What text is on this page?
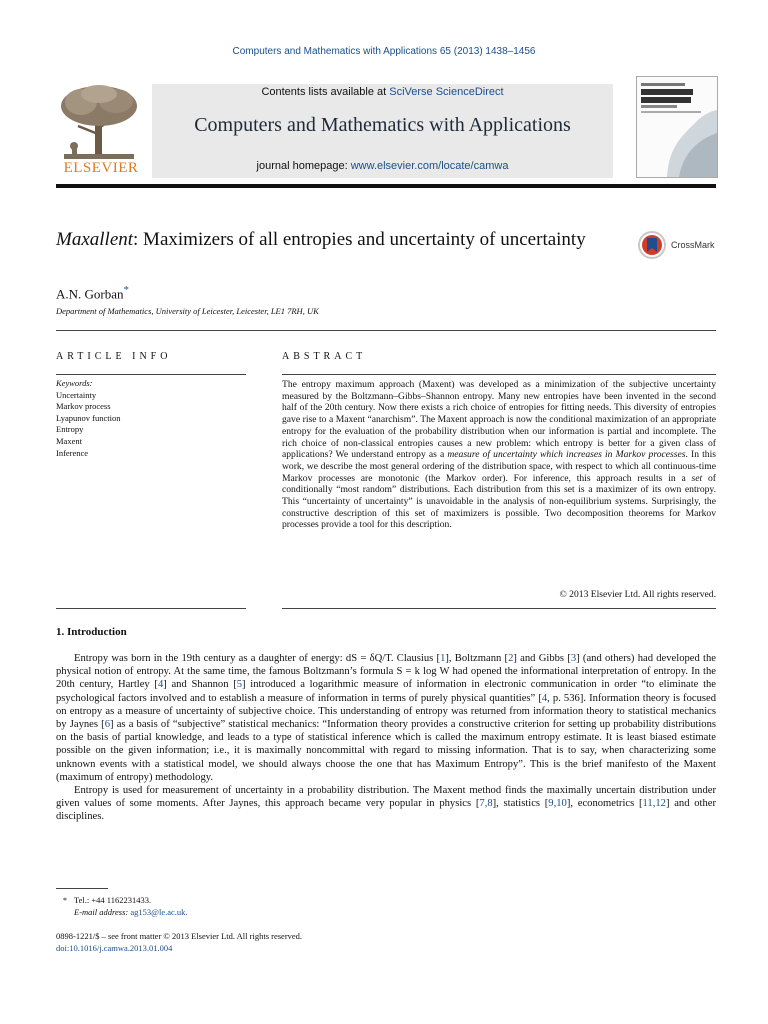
Computers and Mathematics with Applications 65 (2013) 1438–1456
ELSEVIER
Contents lists available at SciVerse ScienceDirect
Computers and Mathematics with Applications
journal homepage: www.elsevier.com/locate/camwa
Maxallent: Maximizers of all entropies and uncertainty of uncertainty	CrossMark
A.N. Gorban*
Department of Mathematics, University of Leicester, Leicester, LE1 7RH, UK
ARTICLE INFO
Keywords:
Uncertainty
Markov process
Lyapunov function
Entropy
Maxent
Inference
ABSTRACT
The entropy maximum approach (Maxent) was developed as a minimization of the subjective uncertainty measured by the Boltzmann–Gibbs–Shannon entropy. Many new entropies have been invented in the second half of the 20th century. Now there exists a rich choice of entropies for fitting needs. This diversity of entropies gave rise to a Maxent “anarchism”. The Maxent approach is now the conditional maximization of an appropriate entropy for the evaluation of the probability distribution when our information is partial and incomplete. The rich choice of non-classical entropies causes a new problem: which entropy is better for a given class of applications? We understand entropy as a measure of uncertainty which increases in Markov processes. In this work, we describe the most general ordering of the distribution space, with respect to which all continuous-time Markov processes are monotonic (the Markov order). For inference, this approach results in a set of conditionally “most random” distributions. Each distribution from this set is a maximizer of its own entropy. This “uncertainty of uncertainty” is unavoidable in the analysis of non-equilibrium systems. Surprisingly, the constructive description of this set of maximizers is possible. Two decomposition theorems for Markov processes provide a tool for this description.
© 2013 Elsevier Ltd. All rights reserved.
1. Introduction

Entropy was born in the 19th century as a daughter of energy: dS = δQ/T. Clausius [1], Boltzmann [2] and Gibbs [3] (and others) had developed the physical notion of entropy. At the same time, the famous Boltzmann’s formula S = k log W had opened the informational interpretation of entropy. In the 20th century, Hartley [4] and Shannon [5] introduced a logarithmic measure of information in electronic communication in order “to eliminate the psychological factors involved and to establish a measure of information in terms of purely physical quantities” [4, p. 536]. Information theory is focused on entropy as a measure of uncertainty of subjective choice. This understanding of entropy was returned from information theory to statistical mechanics by Jaynes [6] as a basis of “subjective” statistical mechanics: “Information theory provides a constructive criterion for setting up probability distributions on the basis of partial knowledge, and leads to a type of statistical inference which is called the maximum entropy estimate. It is least biased estimate possible on the given information; i.e., it is maximally noncommittal with regard to missing information. That is to say, when characterizing some unknown events with a statistical model, we should always choose the one that has Maximum Entropy”. This is the brief manifesto of the Maxent (maximum of entropy) methodology.

Entropy is used for measurement of uncertainty in a probability distribution. The Maxent method finds the maximally uncertain distribution under given values of some moments. After Jaynes, this approach became very popular in physics [7,8], statistics [9,10], econometrics [11,12] and other disciplines.

* Tel.: +44 1162231433.
E-mail address: ag153@le.ac.uk.
0898-1221/$ – see front matter © 2013 Elsevier Ltd. All rights reserved.
doi:10.1016/j.camwa.2013.01.004
